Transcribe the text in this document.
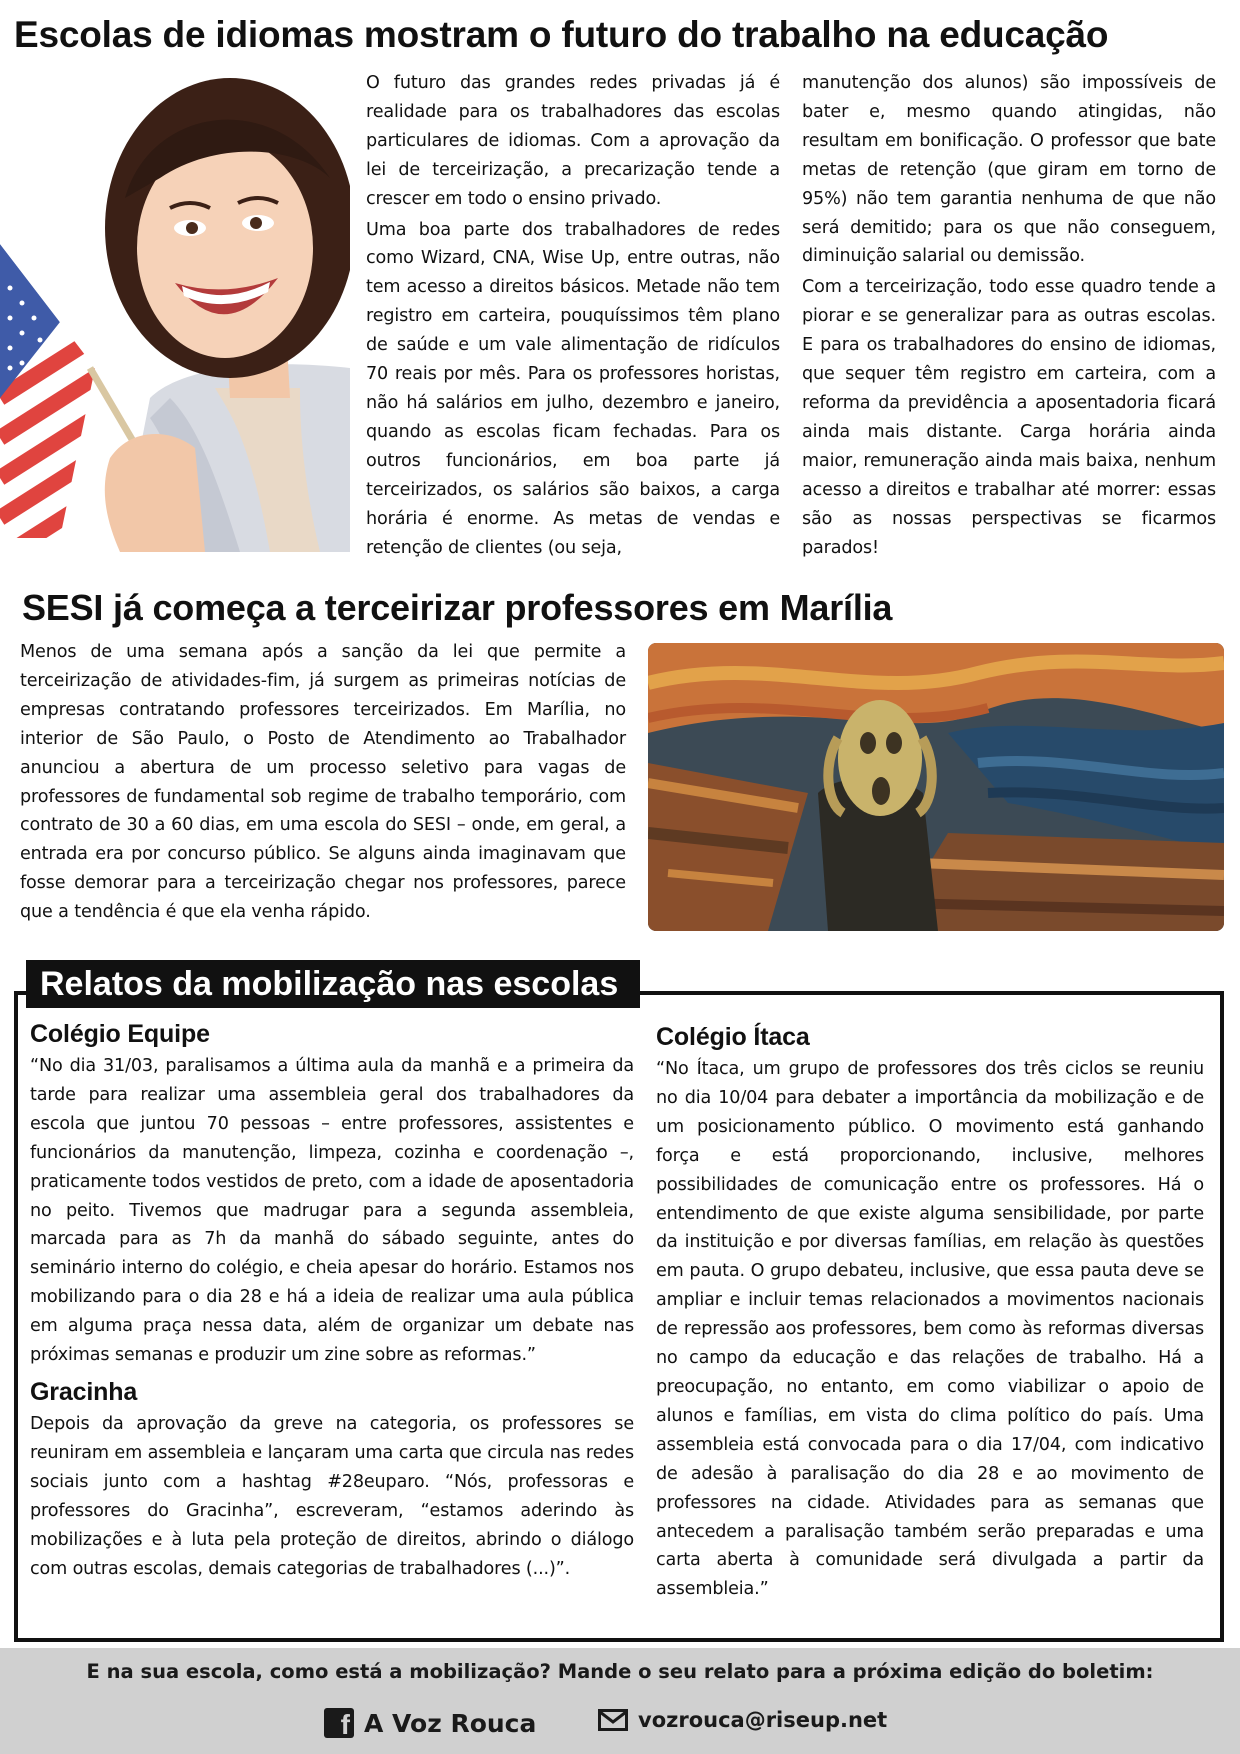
Escolas de idiomas mostram o futuro do trabalho na educação

O futuro das grandes redes privadas já é realidade para os trabalhadores das escolas particulares de idiomas. Com a aprovação da lei de terceirização, a precarização tende a crescer em todo o ensino privado.

Uma boa parte dos trabalhadores de redes como Wizard, CNA, Wise Up, entre outras, não tem acesso a direitos básicos. Metade não tem registro em carteira, pouquíssimos têm plano de saúde e um vale alimentação de ridículos 70 reais por mês. Para os professores horistas, não há salários em julho, dezembro e janeiro, quando as escolas ficam fechadas. Para os outros funcionários, em boa parte já terceirizados, os salários são baixos, a carga horária é enorme. As metas de vendas e retenção de clientes (ou seja,

manutenção dos alunos) são impossíveis de bater e, mesmo quando atingidas, não resultam em bonificação. O professor que bate metas de retenção (que giram em torno de 95%) não tem garantia nenhuma de que não será demitido; para os que não conseguem, diminuição salarial ou demissão.

Com a terceirização, todo esse quadro tende a piorar e se generalizar para as outras escolas. E para os trabalhadores do ensino de idiomas, que sequer têm registro em carteira, com a reforma da previdência a aposentadoria ficará ainda mais distante. Carga horária ainda maior, remuneração ainda mais baixa, nenhum acesso a direitos e trabalhar até morrer: essas são as nossas perspectivas se ficarmos parados!

SESI já começa a terceirizar professores em Marília

Menos de uma semana após a sanção da lei que permite a terceirização de atividades-fim, já surgem as primeiras notícias de empresas contratando professores terceirizados. Em Marília, no interior de São Paulo, o Posto de Atendimento ao Trabalhador anunciou a abertura de um processo seletivo para vagas de professores de fundamental sob regime de trabalho temporário, com contrato de 30 a 60 dias, em uma escola do SESI – onde, em geral, a entrada era por concurso público. Se alguns ainda imaginavam que fosse demorar para a terceirização chegar nos professores, parece que a tendência é que ela venha rápido.

Relatos da mobilização nas escolas
Colégio Equipe

“No dia 31/03, paralisamos a última aula da manhã e a primeira da tarde para realizar uma assembleia geral dos trabalhadores da escola que juntou 70 pessoas – entre professores, assistentes e funcionários da manutenção, limpeza, cozinha e coordenação –, praticamente todos vestidos de preto, com a idade de aposentadoria no peito. Tivemos que madrugar para a segunda assembleia, marcada para as 7h da manhã do sábado seguinte, antes do seminário interno do colégio, e cheia apesar do horário. Estamos nos mobilizando para o dia 28 e há a ideia de realizar uma aula pública em alguma praça nessa data, além de organizar um debate nas próximas semanas e produzir um zine sobre as reformas.”

Gracinha

Depois da aprovação da greve na categoria, os professores se reuniram em assembleia e lançaram uma carta que circula nas redes sociais junto com a hashtag #28euparo. “Nós, professoras e professores do Gracinha”, escreveram, “estamos aderindo às mobilizações e à luta pela proteção de direitos, abrindo o diálogo com outras escolas, demais categorias de trabalhadores (...)”.

Colégio Ítaca

“No Ítaca, um grupo de professores dos três ciclos se reuniu no dia 10/04 para debater a importância da mobilização e de um posicionamento público. O movimento está ganhando força e está proporcionando, inclusive, melhores possibilidades de comunicação entre os professores. Há o entendimento de que existe alguma sensibilidade, por parte da instituição e por diversas famílias, em relação às questões em pauta. O grupo debateu, inclusive, que essa pauta deve se ampliar e incluir temas relacionados a movimentos nacionais de repressão aos professores, bem como às reformas diversas no campo da educação e das relações de trabalho. Há a preocupação, no entanto, em como viabilizar o apoio de alunos e famílias, em vista do clima político do país. Uma assembleia está convocada para o dia 17/04, com indicativo de adesão à paralisação do dia 28 e ao movimento de professores na cidade. Atividades para as semanas que antecedem a paralisação também serão preparadas e uma carta aberta à comunidade será divulgada a partir da assembleia.”

E na sua escola, como está a mobilização? Mande o seu relato para a próxima edição do boletim:
f A Voz Rouca	vozrouca@riseup.net
